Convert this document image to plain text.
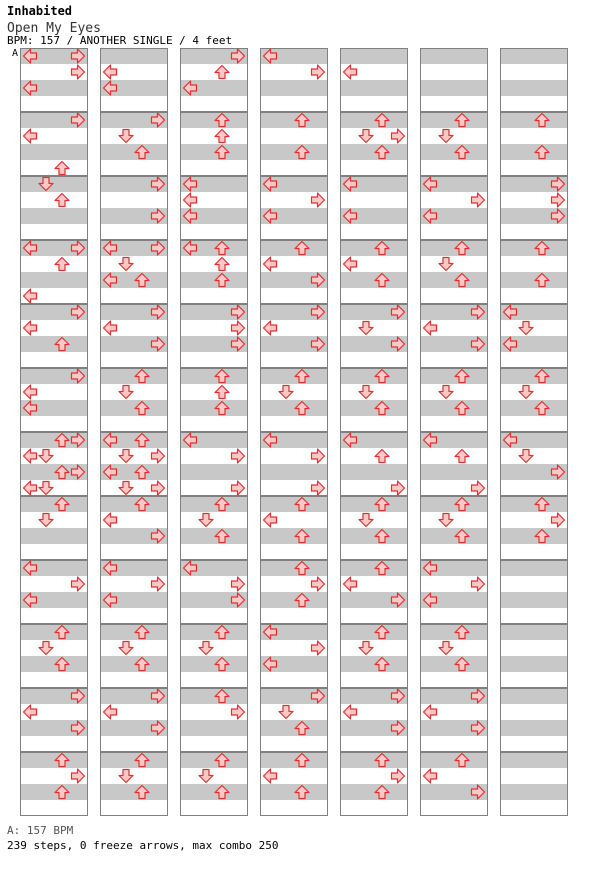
Inhabited
Open My Eyes
BPM: 157 / ANOTHER SINGLE / 4 feet
A
A: 157 BPM
239 steps, 0 freeze arrows, max combo 250
